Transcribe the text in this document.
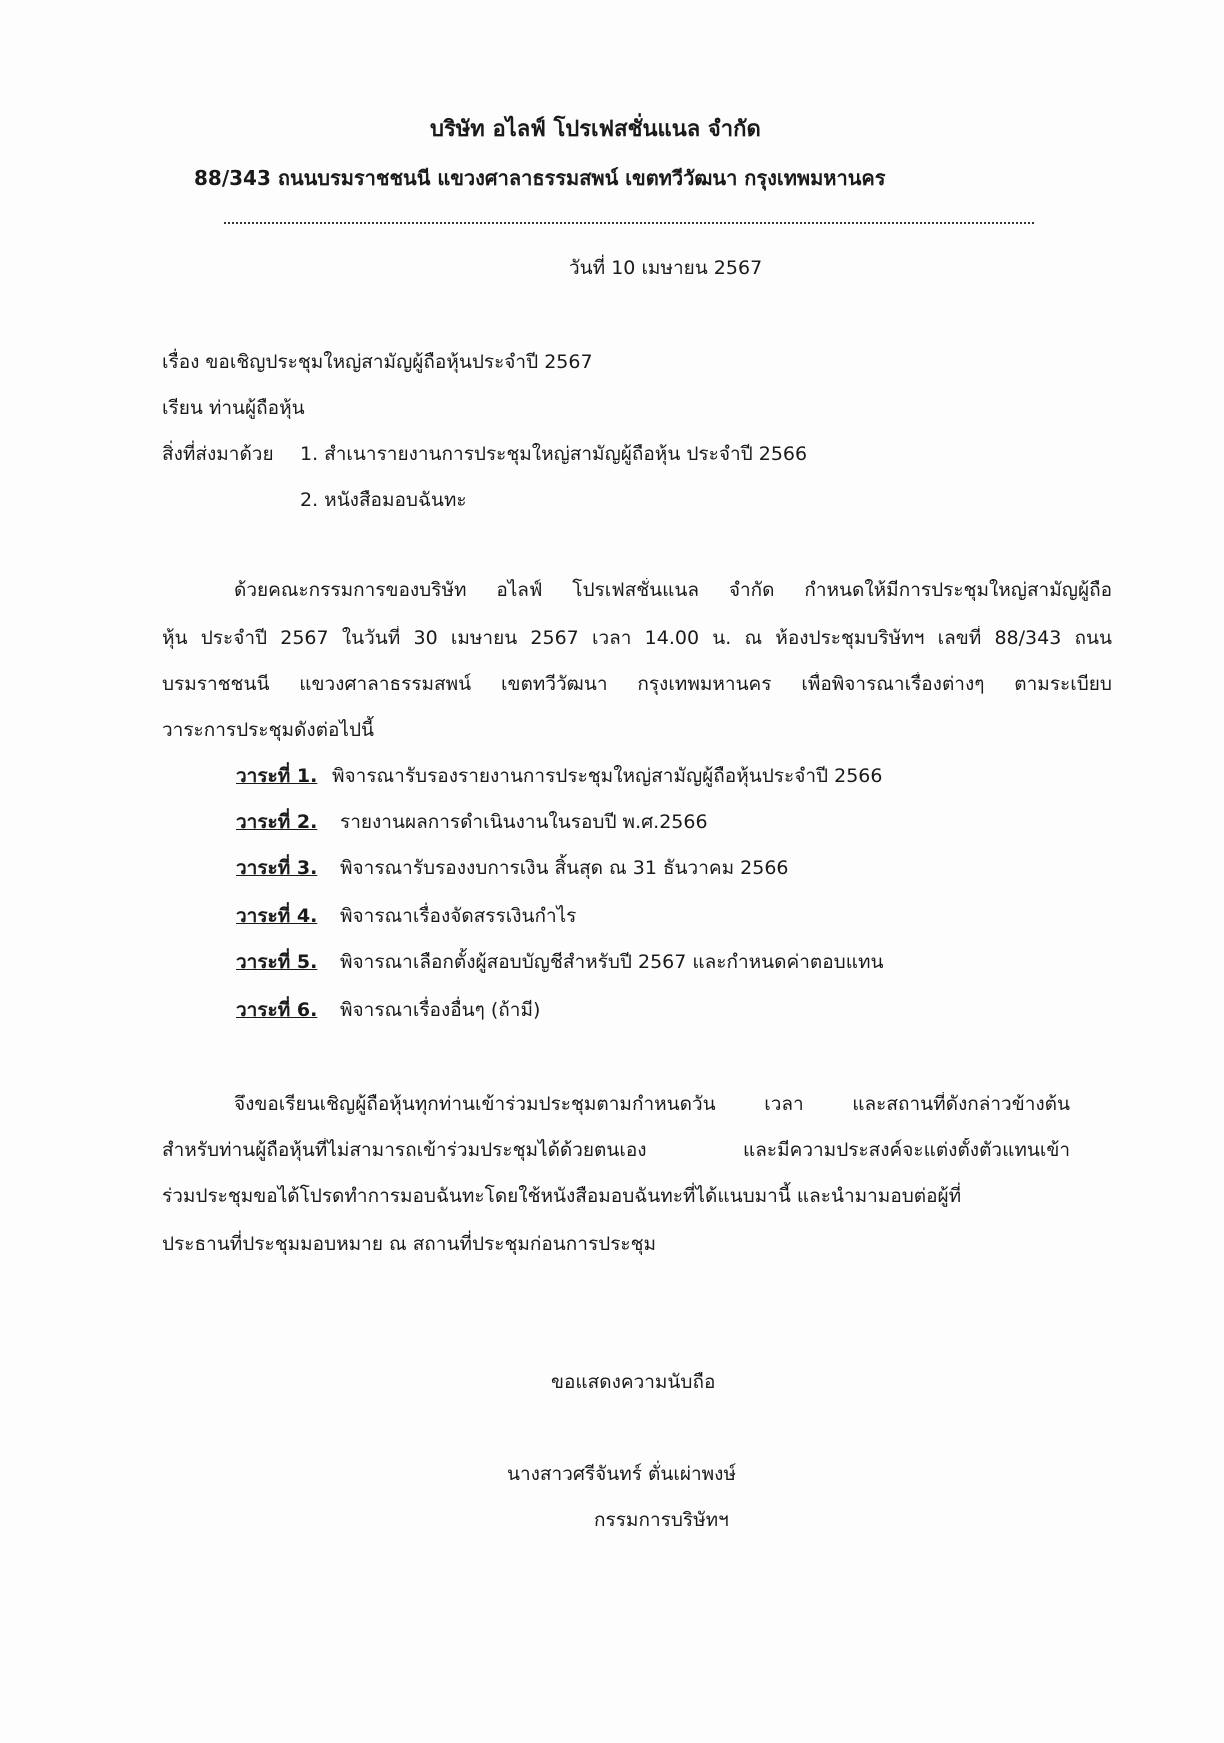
บริษัท อไลฟ์ โปรเฟสชั่นแนล จำกัด
88/343 ถนนบรมราชชนนี แขวงศาลาธรรมสพน์ เขตทวีวัฒนา กรุงเทพมหานคร
วันที่ 10 เมษายน 2567
เรื่อง ขอเชิญประชุมใหญ่สามัญผู้ถือหุ้นประจำปี 2567
เรียน ท่านผู้ถือหุ้น
สิ่งที่ส่งมาด้วย 1. สำเนารายงานการประชุมใหญ่สามัญผู้ถือหุ้น ประจำปี 2566
2. หนังสือมอบฉันทะ
ด้วยคณะกรรมการของบริษัท อไลฟ์ โปรเฟสชั่นแนล จำกัด กำหนดให้มีการประชุมใหญ่สามัญผู้ถือ
หุ้น ประจำปี 2567 ในวันที่ 30 เมษายน 2567 เวลา 14.00 น. ณ ห้องประชุมบริษัทฯ เลขที่ 88/343 ถนน
บรมราชชนนี แขวงศาลาธรรมสพน์ เขตทวีวัฒนา กรุงเทพมหานคร เพื่อพิจารณาเรื่องต่างๆ ตามระเบียบ
วาระการประชุมดังต่อไปนี้
วาระที่ 1. พิจารณารับรองรายงานการประชุมใหญ่สามัญผู้ถือหุ้นประจำปี 2566
วาระที่ 2. รายงานผลการดำเนินงานในรอบปี พ.ศ.2566
วาระที่ 3. พิจารณารับรองงบการเงิน สิ้นสุด ณ 31 ธันวาคม 2566
วาระที่ 4. พิจารณาเรื่องจัดสรรเงินกำไร
วาระที่ 5. พิจารณาเลือกตั้งผู้สอบบัญชีสำหรับปี 2567 และกำหนดค่าตอบแทน
วาระที่ 6. พิจารณาเรื่องอื่นๆ (ถ้ามี)
จึงขอเรียนเชิญผู้ถือหุ้นทุกท่านเข้าร่วมประชุมตามกำหนดวัน เวลา และสถานที่ดังกล่าวข้างต้น
สำหรับท่านผู้ถือหุ้นที่ไม่สามารถเข้าร่วมประชุมได้ด้วยตนเอง และมีความประสงค์จะแต่งตั้งตัวแทนเข้า
ร่วมประชุมขอได้โปรดทำการมอบฉันทะโดยใช้หนังสือมอบฉันทะที่ได้แนบมานี้ และนำมามอบต่อผู้ที่
ประธานที่ประชุมมอบหมาย ณ สถานที่ประชุมก่อนการประชุม
ขอแสดงความนับถือ
นางสาวศรีจันทร์ ตั่นเผ่าพงษ์
กรรมการบริษัทฯ
